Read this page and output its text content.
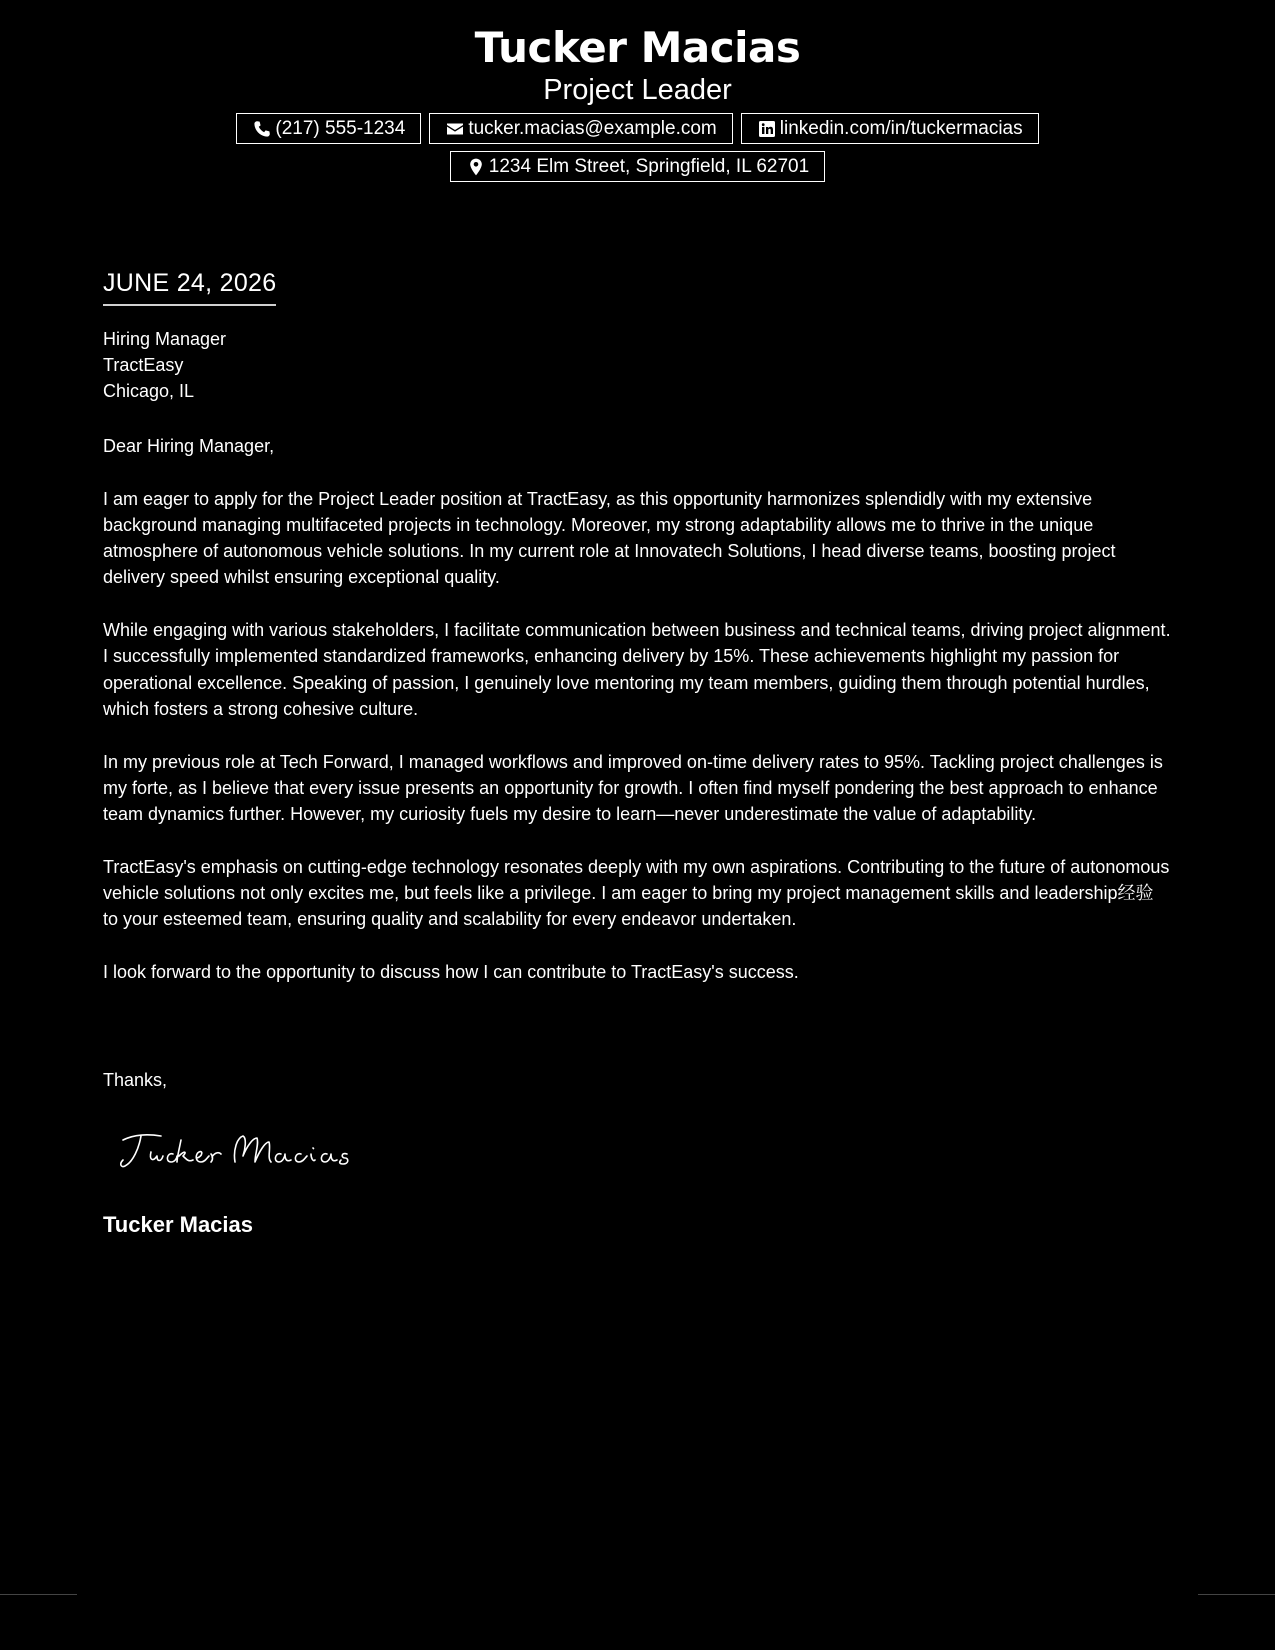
Tucker Macias
Project Leader
(217) 555-1234	tucker.macias@example.com	linkedin.com/in/tuckermacias
1234 Elm Street, Springfield, IL 62701
JUNE 24, 2026
Hiring Manager
TractEasy
Chicago, IL

Dear Hiring Manager,

I am eager to apply for the Project Leader position at TractEasy, as this opportunity harmonizes splendidly with my extensive background managing multifaceted projects in technology. Moreover, my strong adaptability allows me to thrive in the unique atmosphere of autonomous vehicle solutions. In my current role at Innovatech Solutions, I head diverse teams, boosting project delivery speed whilst ensuring exceptional quality.

While engaging with various stakeholders, I facilitate communication between business and technical teams, driving project alignment. I successfully implemented standardized frameworks, enhancing delivery by 15%. These achievements highlight my passion for operational excellence. Speaking of passion, I genuinely love mentoring my team members, guiding them through potential hurdles, which fosters a strong cohesive culture.

In my previous role at Tech Forward, I managed workflows and improved on-time delivery rates to 95%. Tackling project challenges is my forte, as I believe that every issue presents an opportunity for growth. I often find myself pondering the best approach to enhance team dynamics further. However, my curiosity fuels my desire to learn—never underestimate the value of adaptability.

TractEasy's emphasis on cutting-edge technology resonates deeply with my own aspirations. Contributing to the future of autonomous vehicle solutions not only excites me, but feels like a privilege. I am eager to bring my project management skills and leadership经验 to your esteemed team, ensuring quality and scalability for every endeavor undertaken.

I look forward to the opportunity to discuss how I can contribute to TractEasy's success.

Thanks,
Tucker Macias
